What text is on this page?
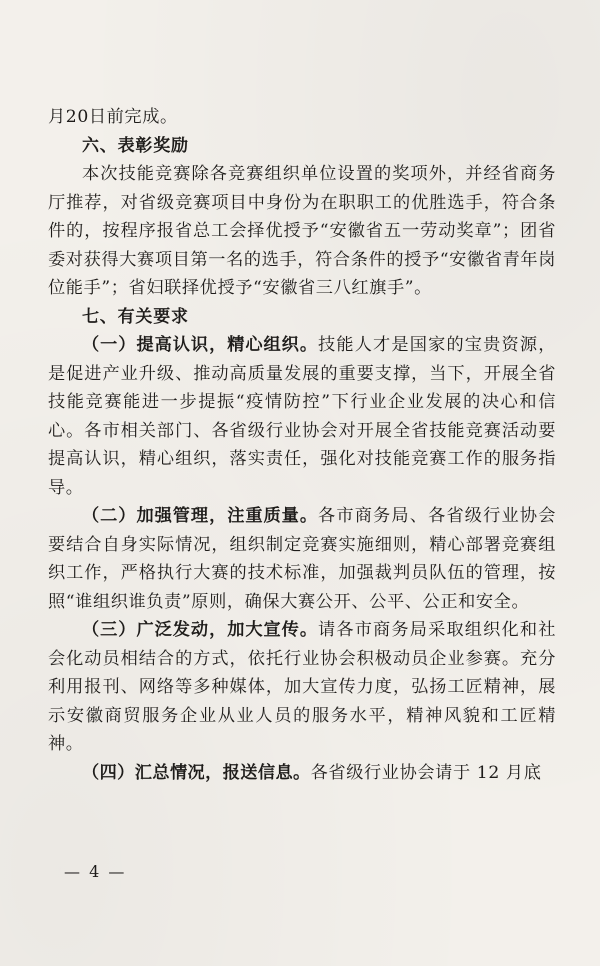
月20日前完成。

六、表彰奖励

本次技能竞赛除各竞赛组织单位设置的奖项外，并经省商务厅推荐，对省级竞赛项目中身份为在职职工的优胜选手，符合条件的，按程序报省总工会择优授予“安徽省五一劳动奖章”；团省委对获得大赛项目第一名的选手，符合条件的授予“安徽省青年岗位能手”；省妇联择优授予“安徽省三八红旗手”。

七、有关要求

（一）提高认识，精心组织。技能人才是国家的宝贵资源，是促进产业升级、推动高质量发展的重要支撑，当下，开展全省技能竞赛能进一步提振“疫情防控”下行业企业发展的决心和信心。各市相关部门、各省级行业协会对开展全省技能竞赛活动要提高认识，精心组织，落实责任，强化对技能竞赛工作的服务指导。

（二）加强管理，注重质量。各市商务局、各省级行业协会要结合自身实际情况，组织制定竞赛实施细则，精心部署竞赛组织工作，严格执行大赛的技术标准，加强裁判员队伍的管理，按照“谁组织谁负责”原则，确保大赛公开、公平、公正和安全。

（三）广泛发动，加大宣传。请各市商务局采取组织化和社会化动员相结合的方式，依托行业协会积极动员企业参赛。充分利用报刊、网络等多种媒体，加大宣传力度，弘扬工匠精神，展示安徽商贸服务企业从业人员的服务水平，精神风貌和工匠精神。

（四）汇总情况，报送信息。各省级行业协会请于 12 月底

— 4 —
